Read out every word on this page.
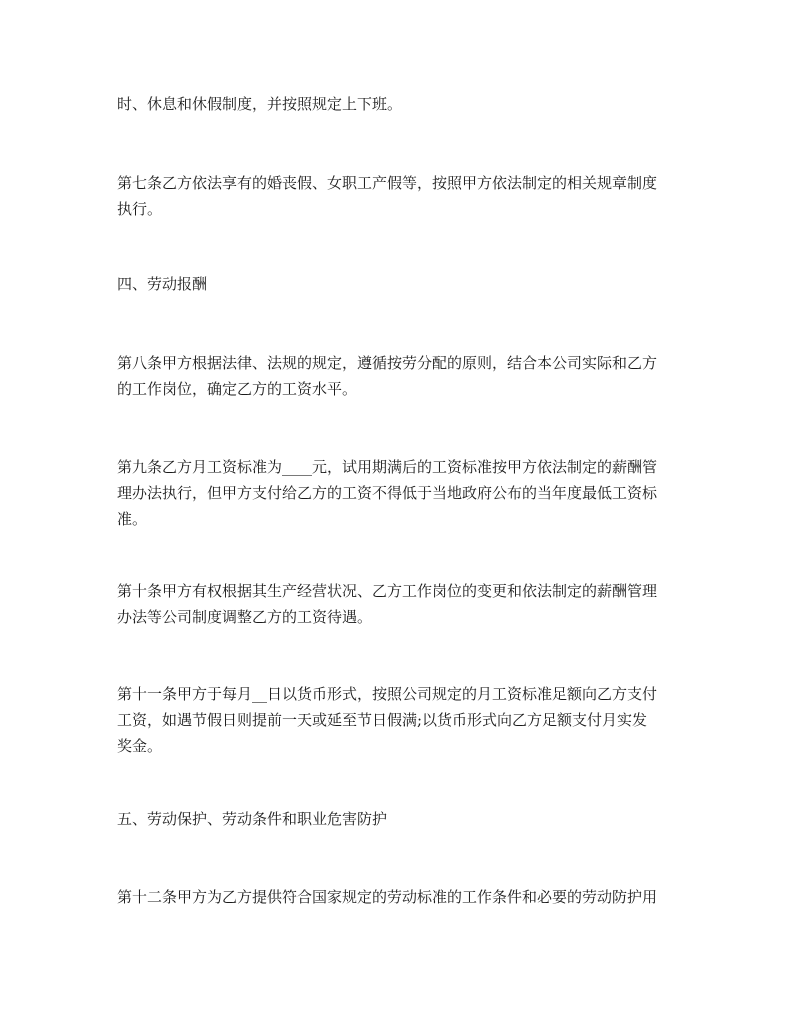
时、休息和休假制度，并按照规定上下班。

第七条乙方依法享有的婚丧假、女职工产假等，按照甲方依法制定的相关规章制度
执行。

四、劳动报酬

第八条甲方根据法律、法规的规定，遵循按劳分配的原则，结合本公司实际和乙方
的工作岗位，确定乙方的工资水平。

第九条乙方月工资标准为____元，试用期满后的工资标准按甲方依法制定的薪酬管
理办法执行，但甲方支付给乙方的工资不得低于当地政府公布的当年度最低工资标
准。

第十条甲方有权根据其生产经营状况、乙方工作岗位的变更和依法制定的薪酬管理
办法等公司制度调整乙方的工资待遇。

第十一条甲方于每月__日以货币形式，按照公司规定的月工资标准足额向乙方支付
工资，如遇节假日则提前一天或延至节日假满;以货币形式向乙方足额支付月实发
奖金。

五、劳动保护、劳动条件和职业危害防护

第十二条甲方为乙方提供符合国家规定的劳动标准的工作条件和必要的劳动防护用
